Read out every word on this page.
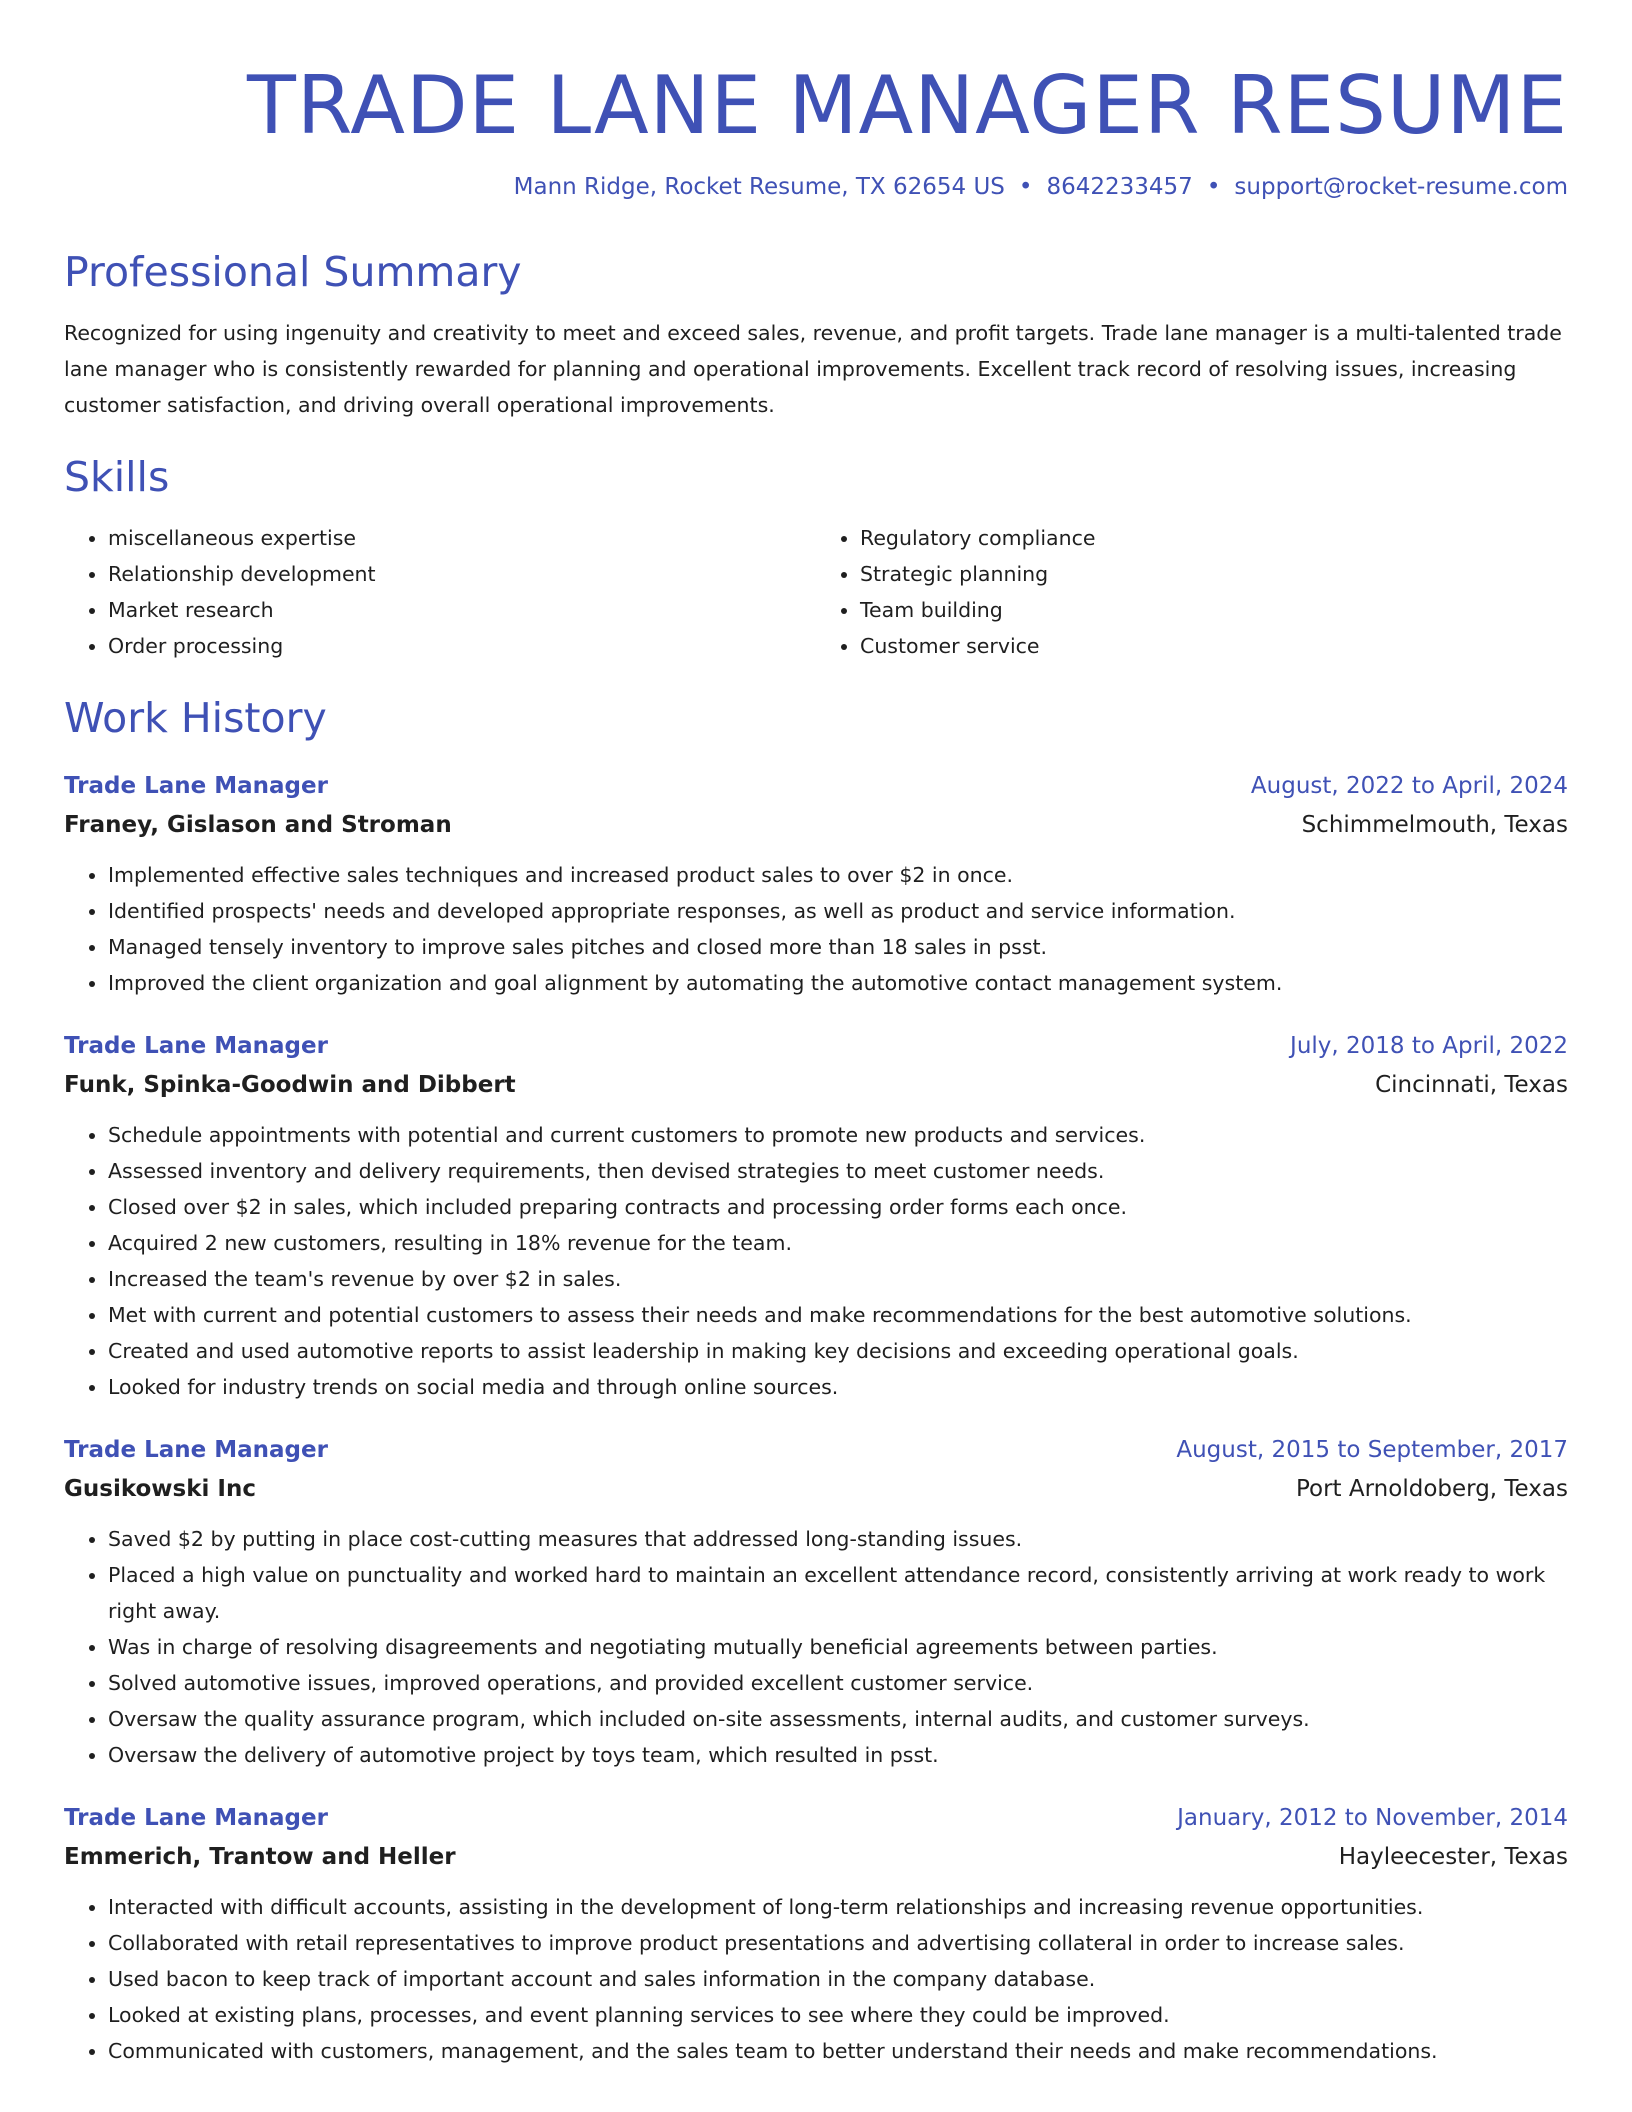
TRADE LANE MANAGER RESUME
Mann Ridge, Rocket Resume, TX 62654 US • 8642233457 • support@rocket-resume.com
Professional Summary

Recognized for using ingenuity and creativity to meet and exceed sales, revenue, and profit targets. Trade lane manager is a multi-talented trade lane manager who is consistently rewarded for planning and operational improvements. Excellent track record of resolving issues, increasing customer satisfaction, and driving overall operational improvements.

Skills
• miscellaneous expertise
• Relationship development
• Market research
• Order processing
• Regulatory compliance
• Strategic planning
• Team building
• Customer service
Work History
Trade Lane Manager	August, 2022 to April, 2024
Franey, Gislason and Stroman	Schimmelmouth, Texas
• Implemented effective sales techniques and increased product sales to over $2 in once.
• Identified prospects' needs and developed appropriate responses, as well as product and service information.
• Managed tensely inventory to improve sales pitches and closed more than 18 sales in psst.
• Improved the client organization and goal alignment by automating the automotive contact management system.
Trade Lane Manager	July, 2018 to April, 2022
Funk, Spinka-Goodwin and Dibbert	Cincinnati, Texas
• Schedule appointments with potential and current customers to promote new products and services.
• Assessed inventory and delivery requirements, then devised strategies to meet customer needs.
• Closed over $2 in sales, which included preparing contracts and processing order forms each once.
• Acquired 2 new customers, resulting in 18% revenue for the team.
• Increased the team's revenue by over $2 in sales.
• Met with current and potential customers to assess their needs and make recommendations for the best automotive solutions.
• Created and used automotive reports to assist leadership in making key decisions and exceeding operational goals.
• Looked for industry trends on social media and through online sources.
Trade Lane Manager	August, 2015 to September, 2017
Gusikowski Inc	Port Arnoldoberg, Texas
• Saved $2 by putting in place cost-cutting measures that addressed long-standing issues.
• Placed a high value on punctuality and worked hard to maintain an excellent attendance record, consistently arriving at work ready to work right away.
• Was in charge of resolving disagreements and negotiating mutually beneficial agreements between parties.
• Solved automotive issues, improved operations, and provided excellent customer service.
• Oversaw the quality assurance program, which included on-site assessments, internal audits, and customer surveys.
• Oversaw the delivery of automotive project by toys team, which resulted in psst.
Trade Lane Manager	January, 2012 to November, 2014
Emmerich, Trantow and Heller	Hayleecester, Texas
• Interacted with difficult accounts, assisting in the development of long-term relationships and increasing revenue opportunities.
• Collaborated with retail representatives to improve product presentations and advertising collateral in order to increase sales.
• Used bacon to keep track of important account and sales information in the company database.
• Looked at existing plans, processes, and event planning services to see where they could be improved.
• Communicated with customers, management, and the sales team to better understand their needs and make recommendations.
